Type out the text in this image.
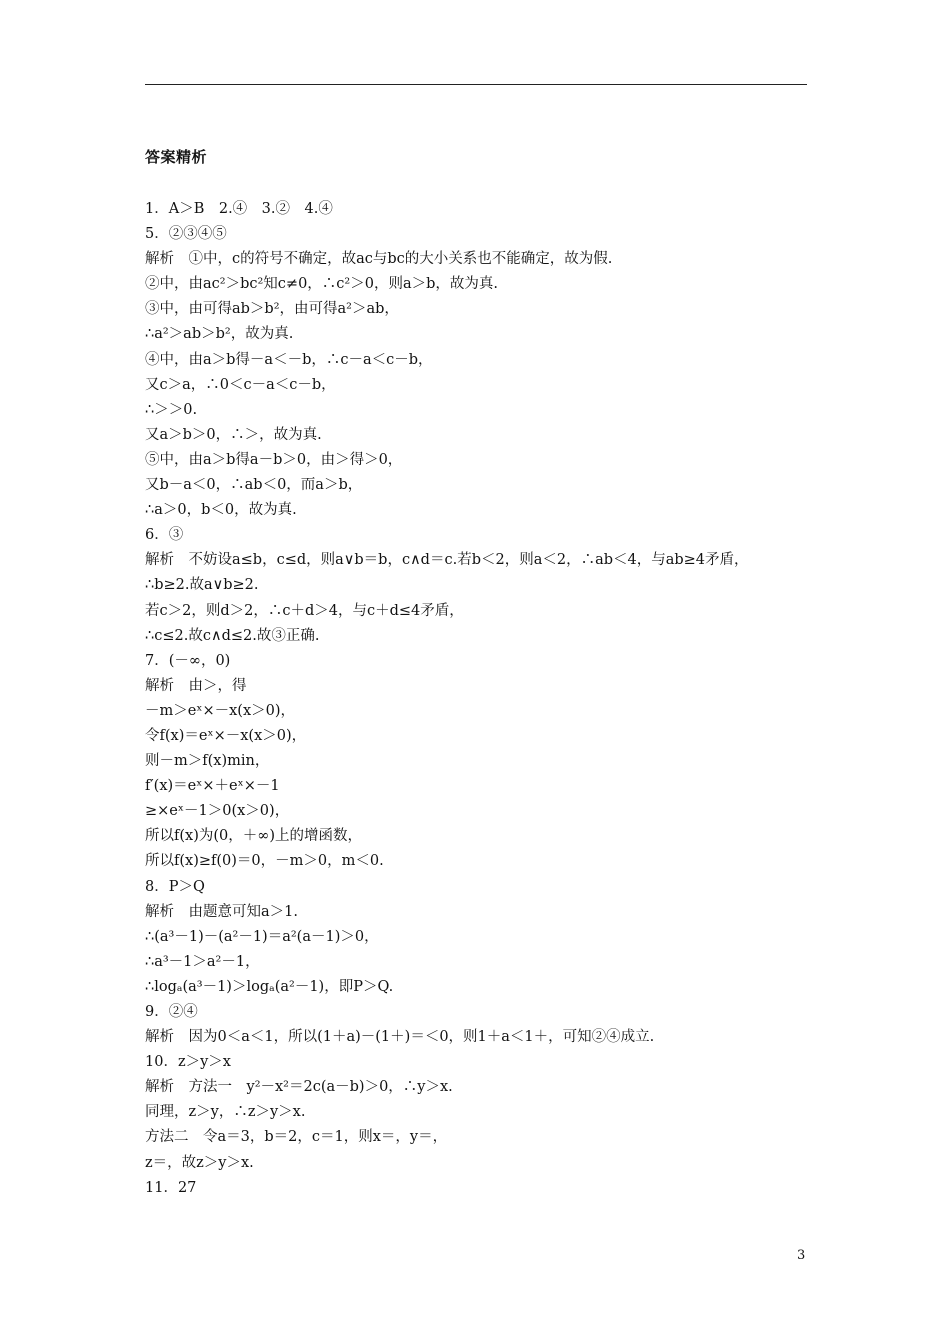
答案精析
1．A＞B　2.④　3.②　4.④
5．②③④⑤
解析　①中，c的符号不确定，故ac与bc的大小关系也不能确定，故为假.
②中，由ac²＞bc²知c≠0，∴c²＞0，则a＞b，故为真.
③中，由可得ab＞b²，由可得a²＞ab，
∴a²＞ab＞b²，故为真.
④中，由a＞b得－a＜－b，∴c－a＜c－b，
又c＞a，∴0＜c－a＜c－b，
∴＞＞0.
又a＞b＞0，∴＞，故为真.
⑤中，由a＞b得a－b＞0，由＞得＞0，
又b－a＜0，∴ab＜0，而a＞b，
∴a＞0，b＜0，故为真.
6．③
解析　不妨设a≤b，c≤d，则a∨b＝b，c∧d＝c.若b＜2，则a＜2，∴ab＜4，与ab≥4矛盾，
∴b≥2.故a∨b≥2.
若c＞2，则d＞2，∴c＋d＞4，与c＋d≤4矛盾，
∴c≤2.故c∧d≤2.故③正确.
7．(－∞，0)
解析　由＞，得
－m＞eˣ×－x(x＞0)，
令f(x)＝eˣ×－x(x＞0)，
则－m＞f(x)min，
f′(x)＝eˣ×＋eˣ×－1
≥×eˣ－1＞0(x＞0)，
所以f(x)为(0，＋∞)上的增函数，
所以f(x)≥f(0)＝0，－m＞0，m＜0.
8．P＞Q
解析　由题意可知a＞1.
∴(a³－1)－(a²－1)＝a²(a－1)＞0，
∴a³－1＞a²－1，
∴logₐ(a³－1)＞logₐ(a²－1)，即P＞Q.
9．②④
解析　因为0＜a＜1，所以(1＋a)－(1＋)＝＜0，则1＋a＜1＋，可知②④成立.
10．z＞y＞x
解析　方法一　y²－x²＝2c(a－b)＞0，∴y＞x.
同理，z＞y，∴z＞y＞x.
方法二　令a＝3，b＝2，c＝1，则x＝，y＝，
z＝，故z＞y＞x.
11．27
3
